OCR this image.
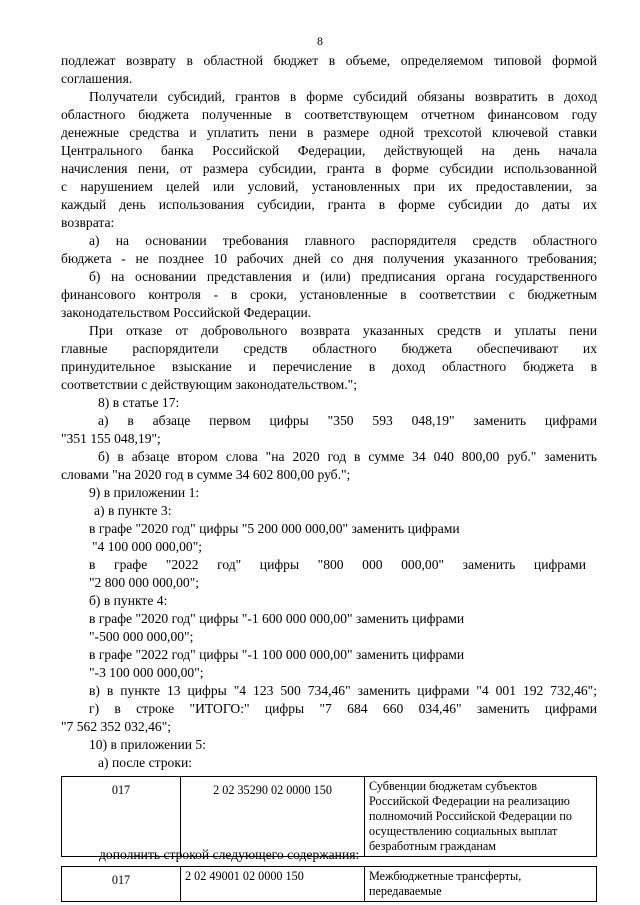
8
подлежат возврату в областной бюджет в объеме, определяемом типовой формой
соглашения.
Получатели субсидий, грантов в форме субсидий обязаны возвратить в доход
областного бюджета полученные в соответствующем отчетном финансовом году
денежные средства и уплатить пени в размере одной трехсотой ключевой ставки
Центрального банка Российской Федерации, действующей на день начала
начисления пени, от размера субсидии, гранта в форме субсидии использованной
с нарушением целей или условий, установленных при их предоставлении, за
каждый день использования субсидии, гранта в форме субсидии до даты их
возврата:
а) на основании требования главного распорядителя средств областного
бюджета - не позднее 10 рабочих дней со дня получения указанного требования;
б) на основании представления и (или) предписания органа государственного
финансового контроля - в сроки, установленные в соответствии с бюджетным
законодательством Российской Федерации.
При отказе от добровольного возврата указанных средств и уплаты пени
главные распорядители средств областного бюджета обеспечивают их
принудительное взыскание и перечисление в доход областного бюджета в
соответствии с действующим законодательством.";
8) в статье 17:
а) в абзаце первом цифры "350 593 048,19" заменить цифрами
"351 155 048,19";
б) в абзаце втором слова "на 2020 год в сумме 34 040 800,00 руб." заменить
словами "на 2020 год в сумме 34 602 800,00 руб.";
9) в приложении 1:
а) в пункте 3:
в графе "2020 год" цифры "5 200 000 000,00" заменить цифрами
"4 100 000 000,00";
в графе "2022 год" цифры "800 000 000,00" заменить цифрами
"2 800 000 000,00";
б) в пункте 4:
в графе "2020 год" цифры "-1 600 000 000,00" заменить цифрами
"-500 000 000,00";
в графе "2022 год" цифры "-1 100 000 000,00" заменить цифрами
"-3 100 000 000,00";
в) в пункте 13 цифры "4 123 500 734,46" заменить цифрами "4 001 192 732,46";
г) в строке "ИТОГО:" цифры "7 684 660 034,46" заменить цифрами
"7 562 352 032,46";
10) в приложении 5:
а) после строки:
017	2 02 35290 02 0000 150	Субвенции бюджетам субъектов Российской Федерации на реализацию полномочий Российской Федерации по осуществлению социальных выплат безработным гражданам
дополнить строкой следующего содержания:
017	2 02 49001 02 0000 150	Межбюджетные трансферты, передаваемые
